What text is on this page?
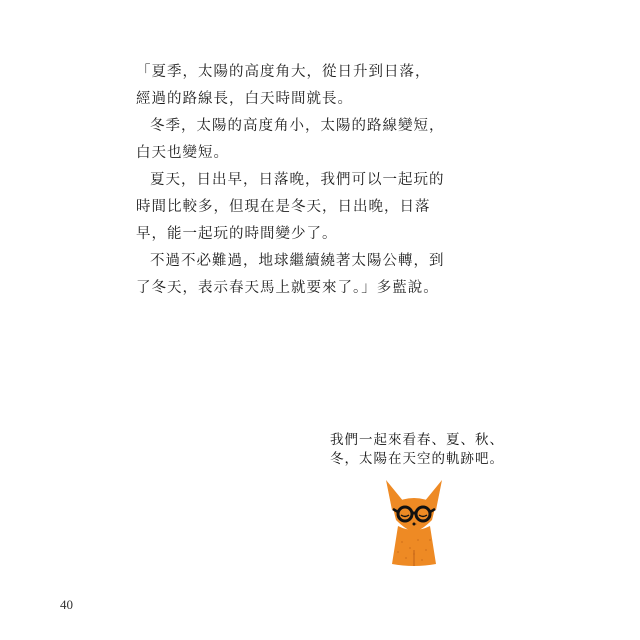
「夏季，太陽的高度角大，從日升到日落，
經過的路線長，白天時間就長。
冬季，太陽的高度角小，太陽的路線變短，
白天也變短。
夏天，日出早，日落晚，我們可以一起玩的
時間比較多，但現在是冬天，日出晚，日落
早，能一起玩的時間變少了。
不過不必難過，地球繼續繞著太陽公轉，到
了冬天，表示春天馬上就要來了。」多藍說。
我們一起來看春、夏、秋、
冬，太陽在天空的軌跡吧。
40
